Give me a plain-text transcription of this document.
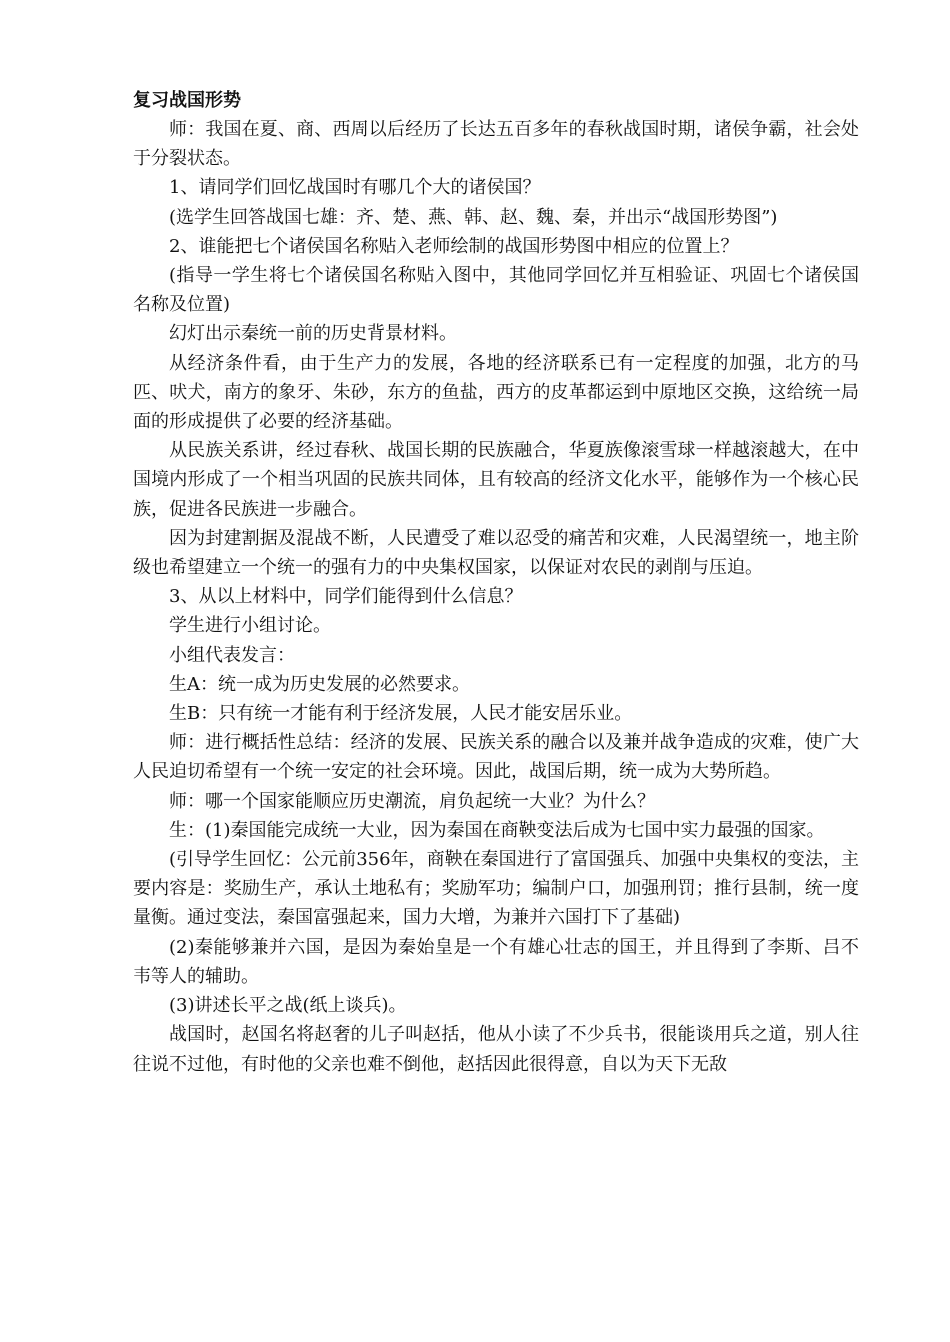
复习战国形势

师：我国在夏、商、西周以后经历了长达五百多年的春秋战国时期，诸侯争霸，社会处于分裂状态。

1、请同学们回忆战国时有哪几个大的诸侯国？

(选学生回答战国七雄：齐、楚、燕、韩、赵、魏、秦，并出示“战国形势图”)

2、谁能把七个诸侯国名称贴入老师绘制的战国形势图中相应的位置上？

(指导一学生将七个诸侯国名称贴入图中，其他同学回忆并互相验证、巩固七个诸侯国名称及位置)

幻灯出示秦统一前的历史背景材料。

从经济条件看，由于生产力的发展，各地的经济联系已有一定程度的加强，北方的马匹、吠犬，南方的象牙、朱砂，东方的鱼盐，西方的皮革都运到中原地区交换，这给统一局面的形成提供了必要的经济基础。

从民族关系讲，经过春秋、战国长期的民族融合，华夏族像滚雪球一样越滚越大，在中国境内形成了一个相当巩固的民族共同体，且有较高的经济文化水平，能够作为一个核心民族，促进各民族进一步融合。

因为封建割据及混战不断，人民遭受了难以忍受的痛苦和灾难，人民渴望统一，地主阶级也希望建立一个统一的强有力的中央集权国家，以保证对农民的剥削与压迫。

3、从以上材料中，同学们能得到什么信息？

学生进行小组讨论。

小组代表发言：

生A：统一成为历史发展的必然要求。

生B：只有统一才能有利于经济发展，人民才能安居乐业。

师：进行概括性总结：经济的发展、民族关系的融合以及兼并战争造成的灾难，使广大人民迫切希望有一个统一安定的社会环境。因此，战国后期，统一成为大势所趋。

师：哪一个国家能顺应历史潮流，肩负起统一大业？为什么？

生：(1)秦国能完成统一大业，因为秦国在商鞅变法后成为七国中实力最强的国家。

(引导学生回忆：公元前356年，商鞅在秦国进行了富国强兵、加强中央集权的变法，主要内容是：奖励生产，承认土地私有；奖励军功；编制户口，加强刑罚；推行县制，统一度量衡。通过变法，秦国富强起来，国力大增，为兼并六国打下了基础)

(2)秦能够兼并六国，是因为秦始皇是一个有雄心壮志的国王，并且得到了李斯、吕不韦等人的辅助。

(3)讲述长平之战(纸上谈兵)。

战国时，赵国名将赵奢的儿子叫赵括，他从小读了不少兵书，很能谈用兵之道，别人往往说不过他，有时他的父亲也难不倒他，赵括因此很得意，自以为天下无敌
